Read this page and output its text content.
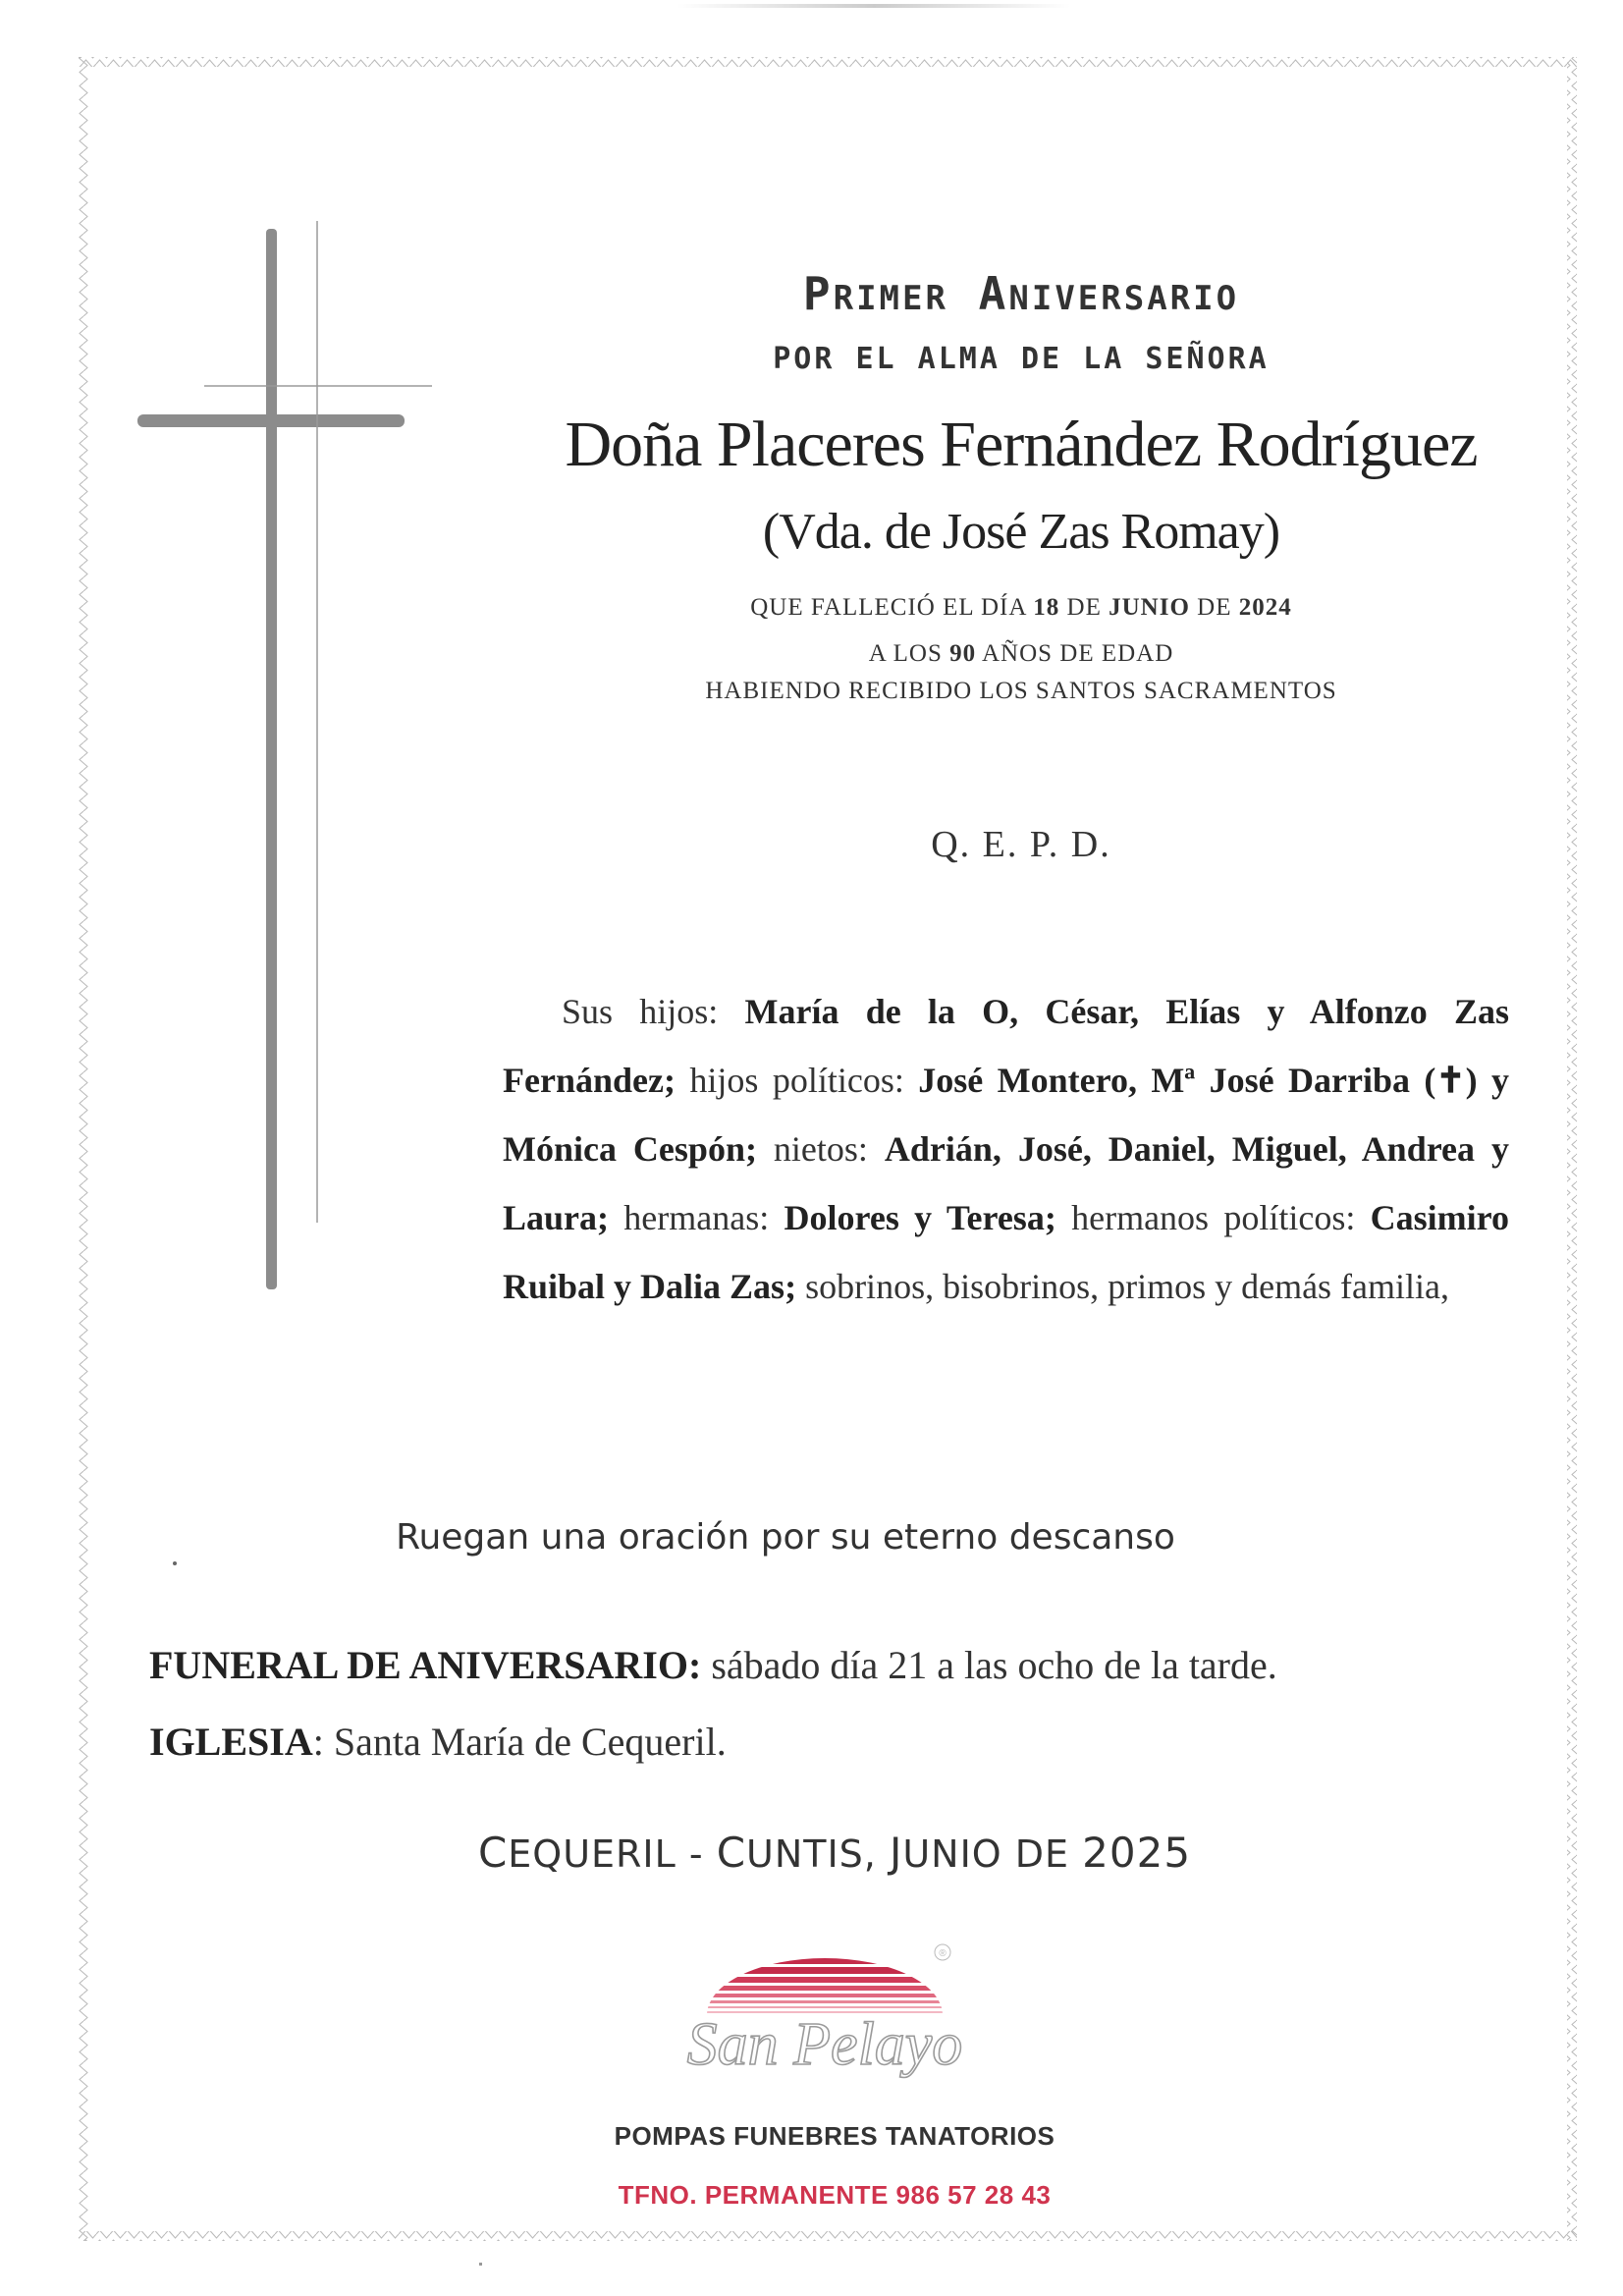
PRIMER ANIVERSARIO
POR EL ALMA DE LA SEÑORA
Doña Placeres Fernández Rodríguez
(Vda. de José Zas Romay)
QUE FALLECIÓ EL DÍA 18 DE JUNIO DE 2024
A LOS 90 AÑOS DE EDAD
HABIENDO RECIBIDO LOS SANTOS SACRAMENTOS
Q. E. P. D.
Sus hijos: María de la O, César, Elías y Alfonzo Zas Fernández; hijos políticos: José Montero, Mª José Darriba (✝) y Mónica Cespón; nietos: Adrián, José, Daniel, Miguel, Andrea y Laura; hermanas: Dolores y Teresa; hermanos políticos: Casimiro Ruibal y Dalia Zas; sobrinos, bisobrinos, primos y demás familia,
Ruegan una oración por su eterno descanso
FUNERAL DE ANIVERSARIO: sábado día 21 a las ocho de la tarde.
IGLESIA: Santa María de Cequeril.
CEQUERIL - CUNTIS, JUNIO DE 2025
®
San Pelayo
POMPAS FUNEBRES TANATORIOS
TFNO. PERMANENTE 986 57 28 43
